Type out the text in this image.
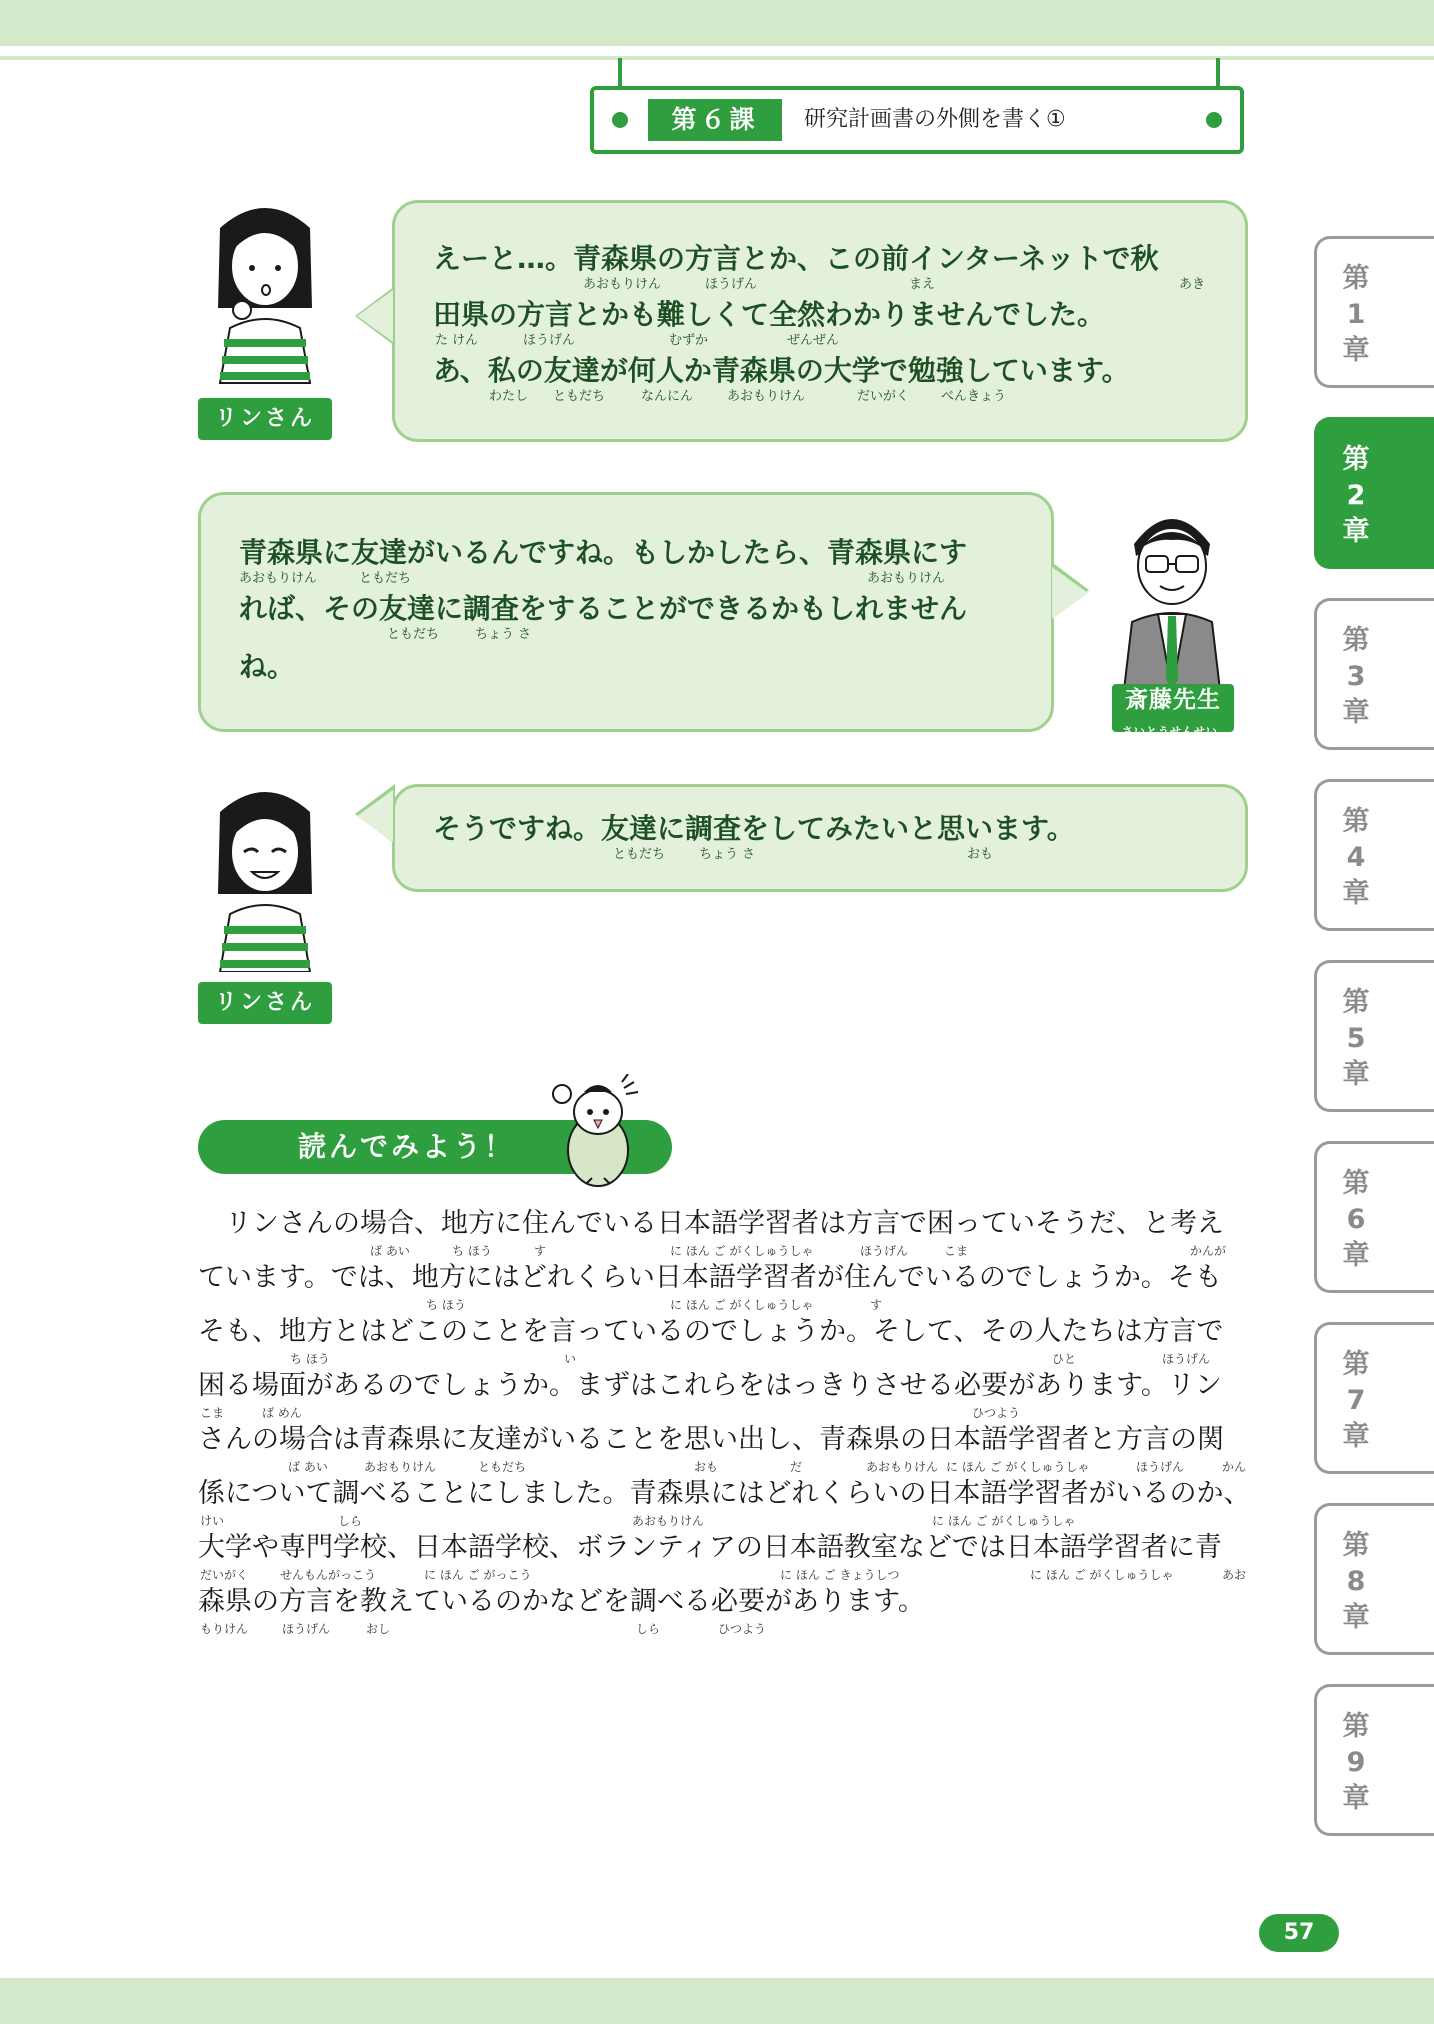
第６課	研究計画書の外側を書く①
リンさん
えーと…。青森県の方言とか、この前インターネットで秋
あおもりけん	ほうげん	まえ	あき
田県の方言とかも難しくて全然わかりませんでした。
た けん	ほうげん	むずか	ぜんぜん
あ、私の友達が何人か青森県の大学で勉強しています。
わたし ともだち	なんにん	あおもりけん	だいがく べんきょう
青森県に友達がいるんですね。もしかしたら、青森県にす
あおもりけん	ともだち	あおもりけん
れば、その友達に調査をすることができるかもしれません
ともだち	ちょう さ
ね。
斎藤先生
さいとうせんせい
そうですね。友達に調査をしてみたいと思います。
ともだち	ちょう さ	おも
リンさん
読んでみよう！
　リンさんの場合、地方に住んでいる日本語学習者は方言で困っていそうだ、と考え
ば あい	ち ほう	す	に ほん ご がくしゅうしゃ	ほうげん	こま	かんが
ています。では、地方にはどれくらい日本語学習者が住んでいるのでしょうか。そも
ち ほう	に ほん ご がくしゅうしゃ	す
そも、地方とはどこのことを言っているのでしょうか。そして、その人たちは方言で
ち ほう	い	ひと	ほうげん
困る場面があるのでしょうか。まずはこれらをはっきりさせる必要があります。リン
こま	ば めん	ひつよう
さんの場合は青森県に友達がいることを思い出し、青森県の日本語学習者と方言の関
ば あい	あおもりけん	ともだち	おも	だ	あおもりけん に ほん ご がくしゅうしゃ	ほうげん	かん
係について調べることにしました。青森県にはどれくらいの日本語学習者がいるのか、
けい	しら	あおもりけん	に ほん ご がくしゅうしゃ
大学や専門学校、日本語学校、ボランティアの日本語教室などでは日本語学習者に青
だいがく	せんもんがっこう	に ほん ご がっこう	に ほん ご きょうしつ	に ほん ご がくしゅうしゃ	あお
森県の方言を教えているのかなどを調べる必要があります。
もりけん	ほうげん	おし	しら	ひつよう
第
1
章
第
2
章
第
3
章
第
4
章
第
5
章
第
6
章
第
7
章
第
8
章
第
9
章
57
